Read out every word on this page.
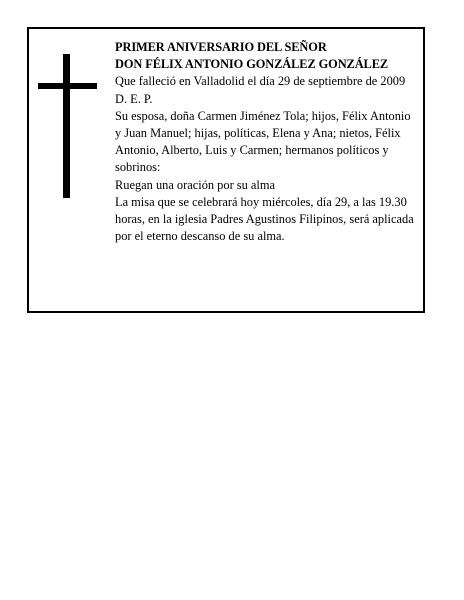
PRIMER ANIVERSARIO DEL SEÑOR

DON FÉLIX ANTONIO GONZÁLEZ GONZÁLEZ

Que falleció en Valladolid el día 29 de septiembre de 2009

D. E. P.

Su esposa, doña Carmen Jiménez Tola; hijos, Félix Antonio y Juan Manuel; hijas, políticas, Elena y Ana; nietos, Félix Antonio, Alberto, Luis y Carmen; hermanos políticos y sobrinos:

Ruegan una oración por su alma

La misa que se celebrará hoy miércoles, día 29, a las 19.30 horas, en la iglesia Padres Agustinos Filipinos, será aplicada por el eterno descanso de su alma.
